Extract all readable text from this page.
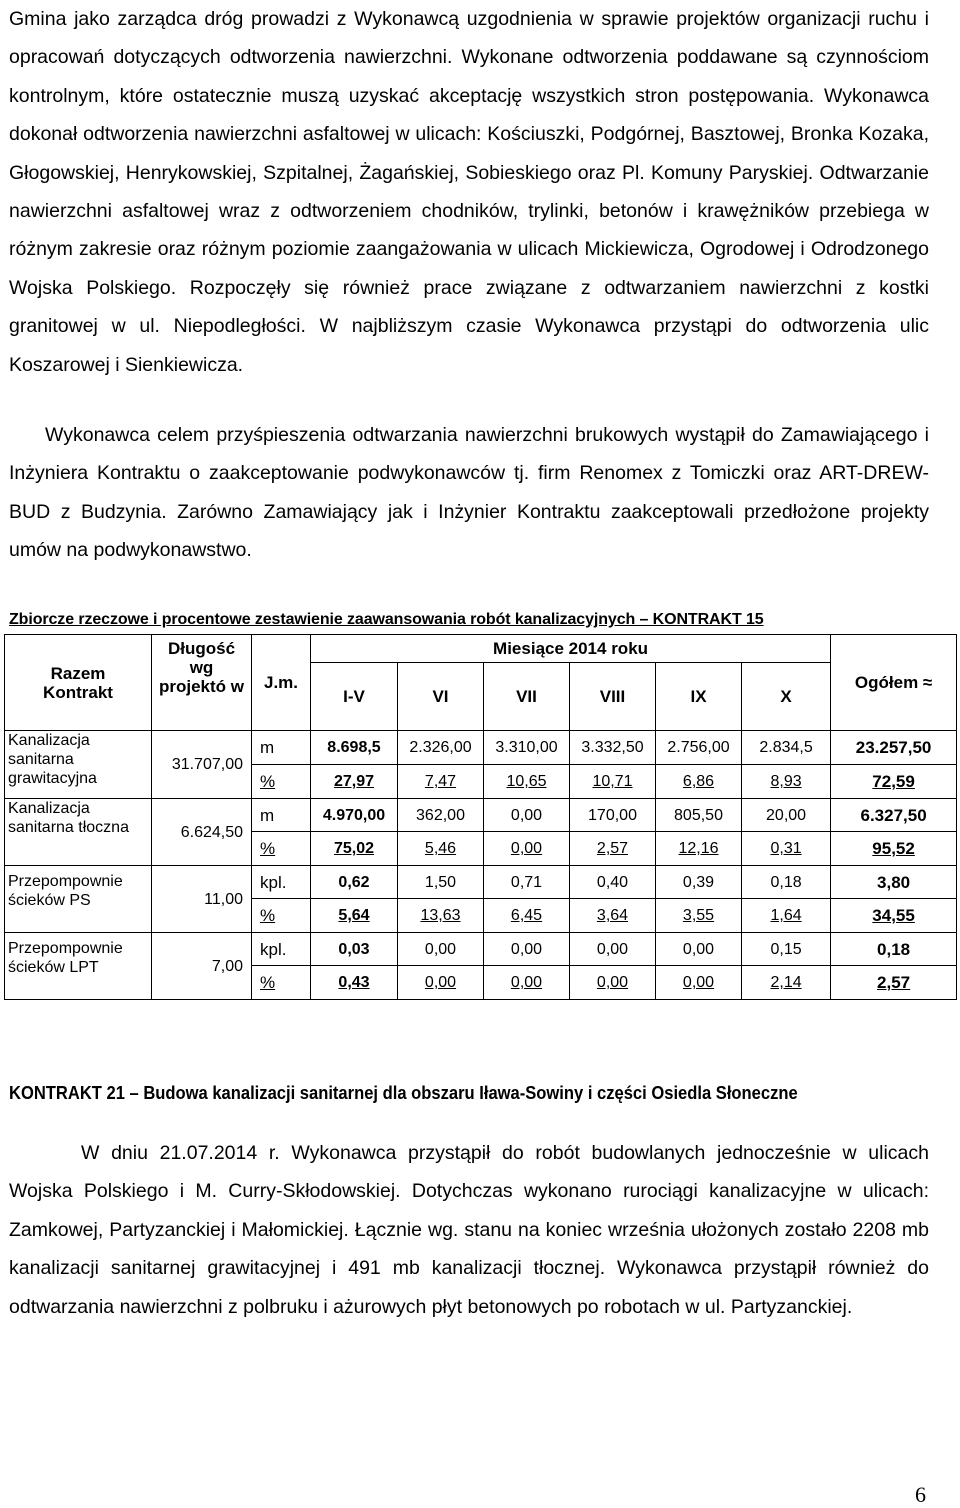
Gmina jako zarządca dróg prowadzi z Wykonawcą uzgodnienia w sprawie projektów organizacji ruchu i opracowań dotyczących odtworzenia nawierzchni. Wykonane odtworzenia poddawane są czynnościom kontrolnym, które ostatecznie muszą uzyskać akceptację wszystkich stron postępowania. Wykonawca dokonał odtworzenia nawierzchni asfaltowej w ulicach: Kościuszki, Podgórnej, Basztowej, Bronka Kozaka, Głogowskiej, Henrykowskiej, Szpitalnej, Żagańskiej, Sobieskiego oraz Pl. Komuny Paryskiej. Odtwarzanie nawierzchni asfaltowej wraz z odtworzeniem chodników, trylinki, betonów i krawężników przebiega w różnym zakresie oraz różnym poziomie zaangażowania w ulicach Mickiewicza, Ogrodowej i Odrodzonego Wojska Polskiego. Rozpoczęły się również prace związane z odtwarzaniem nawierzchni z kostki granitowej w ul. Niepodległości. W najbliższym czasie Wykonawca przystąpi do odtworzenia ulic Koszarowej i Sienkiewicza.

Wykonawca celem przyśpieszenia odtwarzania nawierzchni brukowych wystąpił do Zamawiającego i Inżyniera Kontraktu o zaakceptowanie podwykonawców tj. firm Renomex z Tomiczki oraz ART-DREW-BUD z Budzynia. Zarówno Zamawiający jak i Inżynier Kontraktu zaakceptowali przedłożone projekty umów na podwykonawstwo.

Zbiorcze rzeczowe i procentowe zestawienie zaawansowania robót kanalizacyjnych – KONTRAKT 15
Razem Kontrakt	Długość wg projektó w	J.m.	Miesiące 2014 roku						Ogółem ≈
			I-V	VI	VII	VIII	IX	X	

Kanalizacja sanitarna grawitacyjna	31.707,00	m	8.698,5	2.326,00	3.310,00	3.332,50	2.756,00	2.834,5	23.257,50
		%	27,97	7,47	10,65	10,71	6,86	8,93	72,59
Kanalizacja sanitarna tłoczna	6.624,50	m	4.970,00	362,00	0,00	170,00	805,50	20,00	6.327,50
		%	75,02	5,46	0,00	2,57	12,16	0,31	95,52
Przepompownie ścieków PS	11,00	kpl.	0,62	1,50	0,71	0,40	0,39	0,18	3,80
		%	5,64	13,63	6,45	3,64	3,55	1,64	34,55
Przepompownie ścieków LPT	7,00	kpl.	0,03	0,00	0,00	0,00	0,00	0,15	0,18
		%	0,43	0,00	0,00	0,00	0,00	2,14	2,57
KONTRAKT 21 – Budowa kanalizacji sanitarnej dla obszaru Iława-Sowiny i części Osiedla Słoneczne

W dniu 21.07.2014 r. Wykonawca przystąpił do robót budowlanych jednocześnie w ulicach Wojska Polskiego i M. Curry-Skłodowskiej. Dotychczas wykonano rurociągi kanalizacyjne w ulicach: Zamkowej, Partyzanckiej i Małomickiej. Łącznie wg. stanu na koniec września ułożonych zostało 2208 mb kanalizacji sanitarnej grawitacyjnej i 491 mb kanalizacji tłocznej. Wykonawca przystąpił również do odtwarzania nawierzchni z polbruku i ażurowych płyt betonowych po robotach w ul. Partyzanckiej.

6
